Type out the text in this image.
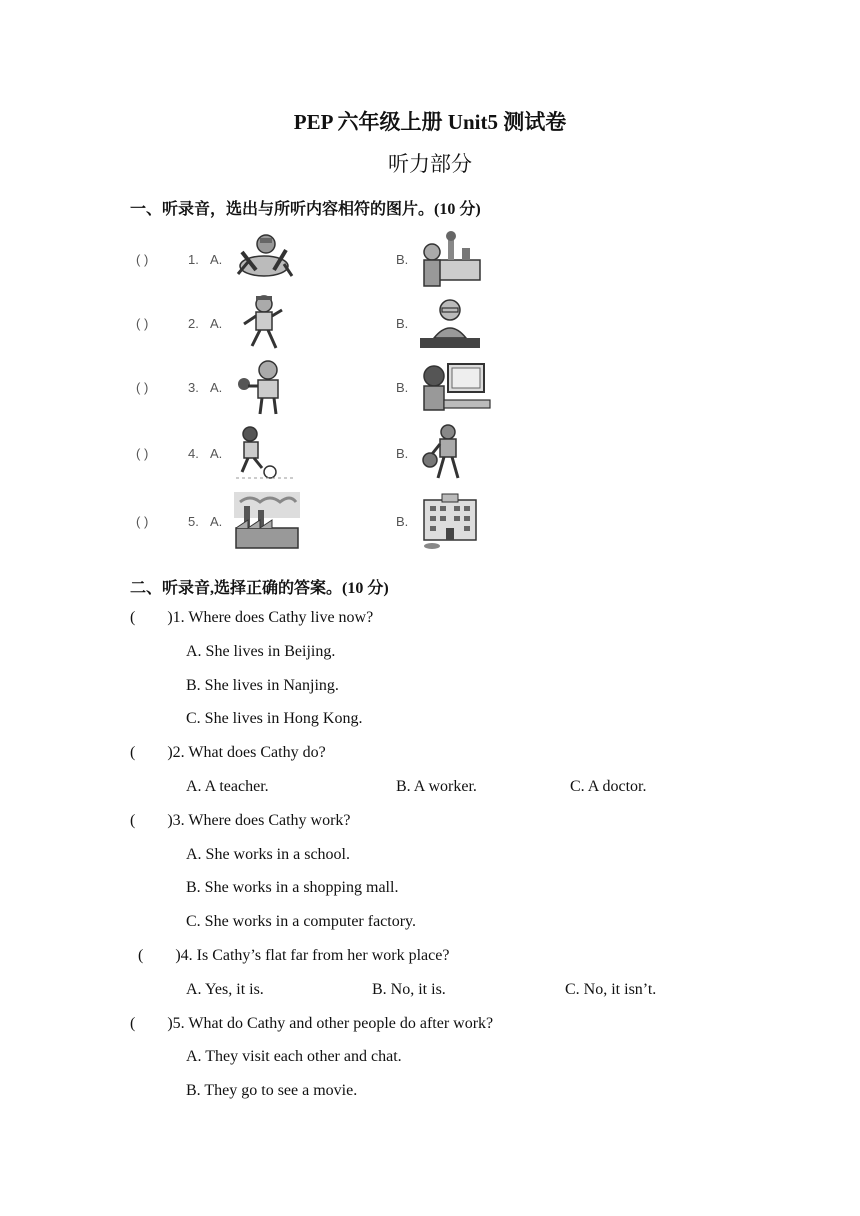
PEP 六年级上册 Unit5 测试卷
听力部分
一、听录音，选出与所听内容相符的图片。(10 分)
( )	1. A.	B.
( )	2. A.	B.
( )	3. A.	B.
( )	4. A.	B.
( )	5. A.	B.
二、听录音,选择正确的答案。(10 分)
(        )1. Where does Cathy live now?
A. She lives in Beijing.
B. She lives in Nanjing.
C. She lives in Hong Kong.
(        )2. What does Cathy do?
A. A teacher.	B. A worker.	C. A doctor.
(        )3. Where does Cathy work?
A. She works in a school.
B. She works in a shopping mall.
C. She works in a computer factory.
(        )4. Is Cathy’s flat far from her work place?
A. Yes, it is.	B. No, it is.	C. No, it isn’t.
(        )5. What do Cathy and other people do after work?
A. They visit each other and chat.
B. They go to see a movie.
